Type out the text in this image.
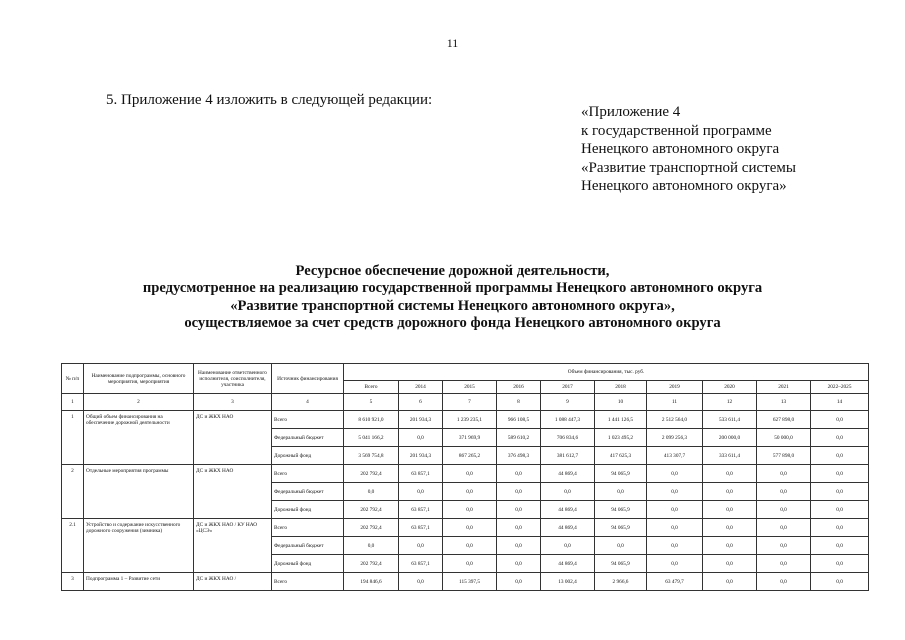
11
5. Приложение 4 изложить в следующей редакции:
«Приложение 4
к государственной программе
Ненецкого автономного округа
«Развитие транспортной системы
Ненецкого автономного округа»
Ресурсное обеспечение дорожной деятельности,
предусмотренное на реализацию государственной программы Ненецкого автономного округа
«Развитие транспортной системы Ненецкого автономного округа»,
осуществляемое за счет средств дорожного фонда Ненецкого автономного округа
№ п/п	Наименование подпрограммы, основного мероприятия, мероприятия	Наименование ответственного исполнителя, соисполнителя, участника	Источник финансирования	Объем финансирования, тыс. руб.									
				Всего	2014	2015	2016	2017	2018	2019	2020	2021	2022–2025
1	2	3	4	5	6	7	8	9	10	11	12	13	14
1	Общий объем финансирования на обеспечение дорожной деятельности	ДС и ЖКХ НАО	Всего	8 610 921,0	201 934,3	1 239 235,1	966 108,5	1 088 447,3	1 441 126,5	2 512 564,0	533 611,4	627 898,0	0,0
			Федеральный бюджет	5 041 166,2	0,0	371 969,9	589 610,2	706 834,6	1 023 495,2	2 099 256,3	200 000,0	50 000,0	0,0
			Дорожный фонд	3 569 754,8	201 934,3	867 265,2	376 498,3	381 612,7	417 625,3	413 307,7	333 611,4	577 898,0	0,0
2	Отдельные мероприятия программы	ДС и ЖКХ НАО	Всего	202 792,4	63 857,1	0,0	0,0	44 869,4	94 065,9	0,0	0,0	0,0	0,0
			Федеральный бюджет	0,0	0,0	0,0	0,0	0,0	0,0	0,0	0,0	0,0	0,0
			Дорожный фонд	202 792,4	63 857,1	0,0	0,0	44 869,4	94 065,9	0,0	0,0	0,0	0,0
2.1	Устройство и содержание искусственного дорожного сооружения (зимника)	ДС и ЖКХ НАО / КУ НАО «ЦСЭ»	Всего	202 792,4	63 857,1	0,0	0,0	44 869,4	94 065,9	0,0	0,0	0,0	0,0
			Федеральный бюджет	0,0	0,0	0,0	0,0	0,0	0,0	0,0	0,0	0,0	0,0
			Дорожный фонд	202 792,4	63 857,1	0,0	0,0	44 869,4	94 065,9	0,0	0,0	0,0	0,0
3	Подпрограмма 1 – Развитие сети	ДС и ЖКХ НАО /	Всего	194 846,6	0,0	115 397,5	0,0	13 002,4	2 966,6	63 479,7	0,0	0,0	0,0
